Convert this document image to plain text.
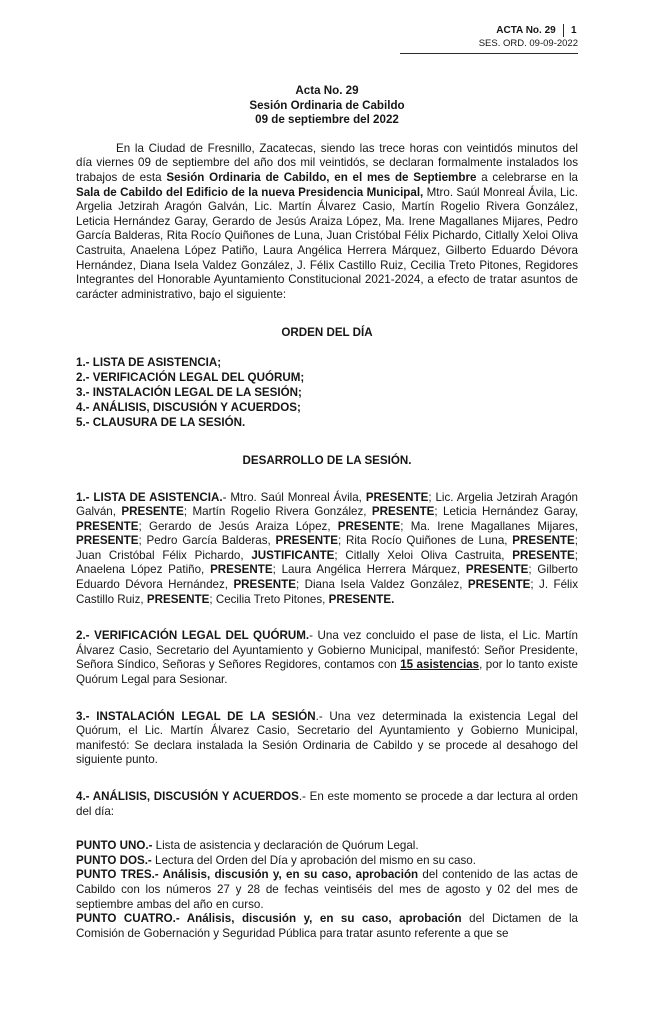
ACTA No. 29	1
SES. ORD. 09-09-2022
Acta No. 29
Sesión Ordinaria de Cabildo
09 de septiembre del 2022

En la Ciudad de Fresnillo, Zacatecas, siendo las trece horas con veintidós minutos del día viernes 09 de septiembre del año dos mil veintidós, se declaran formalmente instalados los trabajos de esta Sesión Ordinaria de Cabildo, en el mes de Septiembre a celebrarse en la Sala de Cabildo del Edificio de la nueva Presidencia Municipal, Mtro. Saúl Monreal Ávila, Lic. Argelia Jetzirah Aragón Galván, Lic. Martín Álvarez Casio, Martín Rogelio Rivera González, Leticia Hernández Garay, Gerardo de Jesús Araiza López, Ma. Irene Magallanes Mijares, Pedro García Balderas, Rita Rocío Quiñones de Luna, Juan Cristóbal Félix Pichardo, Citlally Xeloi Oliva Castruita, Anaelena López Patiño, Laura Angélica Herrera Márquez, Gilberto Eduardo Dévora Hernández, Diana Isela Valdez González, J. Félix Castillo Ruiz, Cecilia Treto Pitones, Regidores Integrantes del Honorable Ayuntamiento Constitucional 2021-2024, a efecto de tratar asuntos de carácter administrativo, bajo el siguiente:

ORDEN DEL DÍA
1.- LISTA DE ASISTENCIA;
2.- VERIFICACIÓN LEGAL DEL QUÓRUM;
3.- INSTALACIÓN LEGAL DE LA SESIÓN;
4.- ANÁLISIS, DISCUSIÓN Y ACUERDOS;
5.- CLAUSURA DE LA SESIÓN.
DESARROLLO DE LA SESIÓN.

1.- LISTA DE ASISTENCIA.- Mtro. Saúl Monreal Ávila, PRESENTE; Lic. Argelia Jetzirah Aragón Galván, PRESENTE; Martín Rogelio Rivera González, PRESENTE; Leticia Hernández Garay, PRESENTE; Gerardo de Jesús Araiza López, PRESENTE; Ma. Irene Magallanes Mijares, PRESENTE; Pedro García Balderas, PRESENTE; Rita Rocío Quiñones de Luna, PRESENTE; Juan Cristóbal Félix Pichardo, JUSTIFICANTE; Citlally Xeloi Oliva Castruita, PRESENTE; Anaelena López Patiño, PRESENTE; Laura Angélica Herrera Márquez, PRESENTE; Gilberto Eduardo Dévora Hernández, PRESENTE; Diana Isela Valdez González, PRESENTE; J. Félix Castillo Ruiz, PRESENTE; Cecilia Treto Pitones, PRESENTE.

2.- VERIFICACIÓN LEGAL DEL QUÓRUM.- Una vez concluido el pase de lista, el Lic. Martín Álvarez Casio, Secretario del Ayuntamiento y Gobierno Municipal, manifestó: Señor Presidente, Señora Síndico, Señoras y Señores Regidores, contamos con 15 asistencias, por lo tanto existe Quórum Legal para Sesionar.

3.- INSTALACIÓN LEGAL DE LA SESIÓN.- Una vez determinada la existencia Legal del Quórum, el Lic. Martín Álvarez Casio, Secretario del Ayuntamiento y Gobierno Municipal, manifestó: Se declara instalada la Sesión Ordinaria de Cabildo y se procede al desahogo del siguiente punto.

4.- ANÁLISIS, DISCUSIÓN Y ACUERDOS.- En este momento se procede a dar lectura al orden del día:

PUNTO UNO.- Lista de asistencia y declaración de Quórum Legal.

PUNTO DOS.- Lectura del Orden del Día y aprobación del mismo en su caso.

PUNTO TRES.- Análisis, discusión y, en su caso, aprobación del contenido de las actas de Cabildo con los números 27 y 28 de fechas veintiséis del mes de agosto y 02 del mes de septiembre ambas del año en curso.

PUNTO CUATRO.- Análisis, discusión y, en su caso, aprobación del Dictamen de la Comisión de Gobernación y Seguridad Pública para tratar asunto referente a que se
